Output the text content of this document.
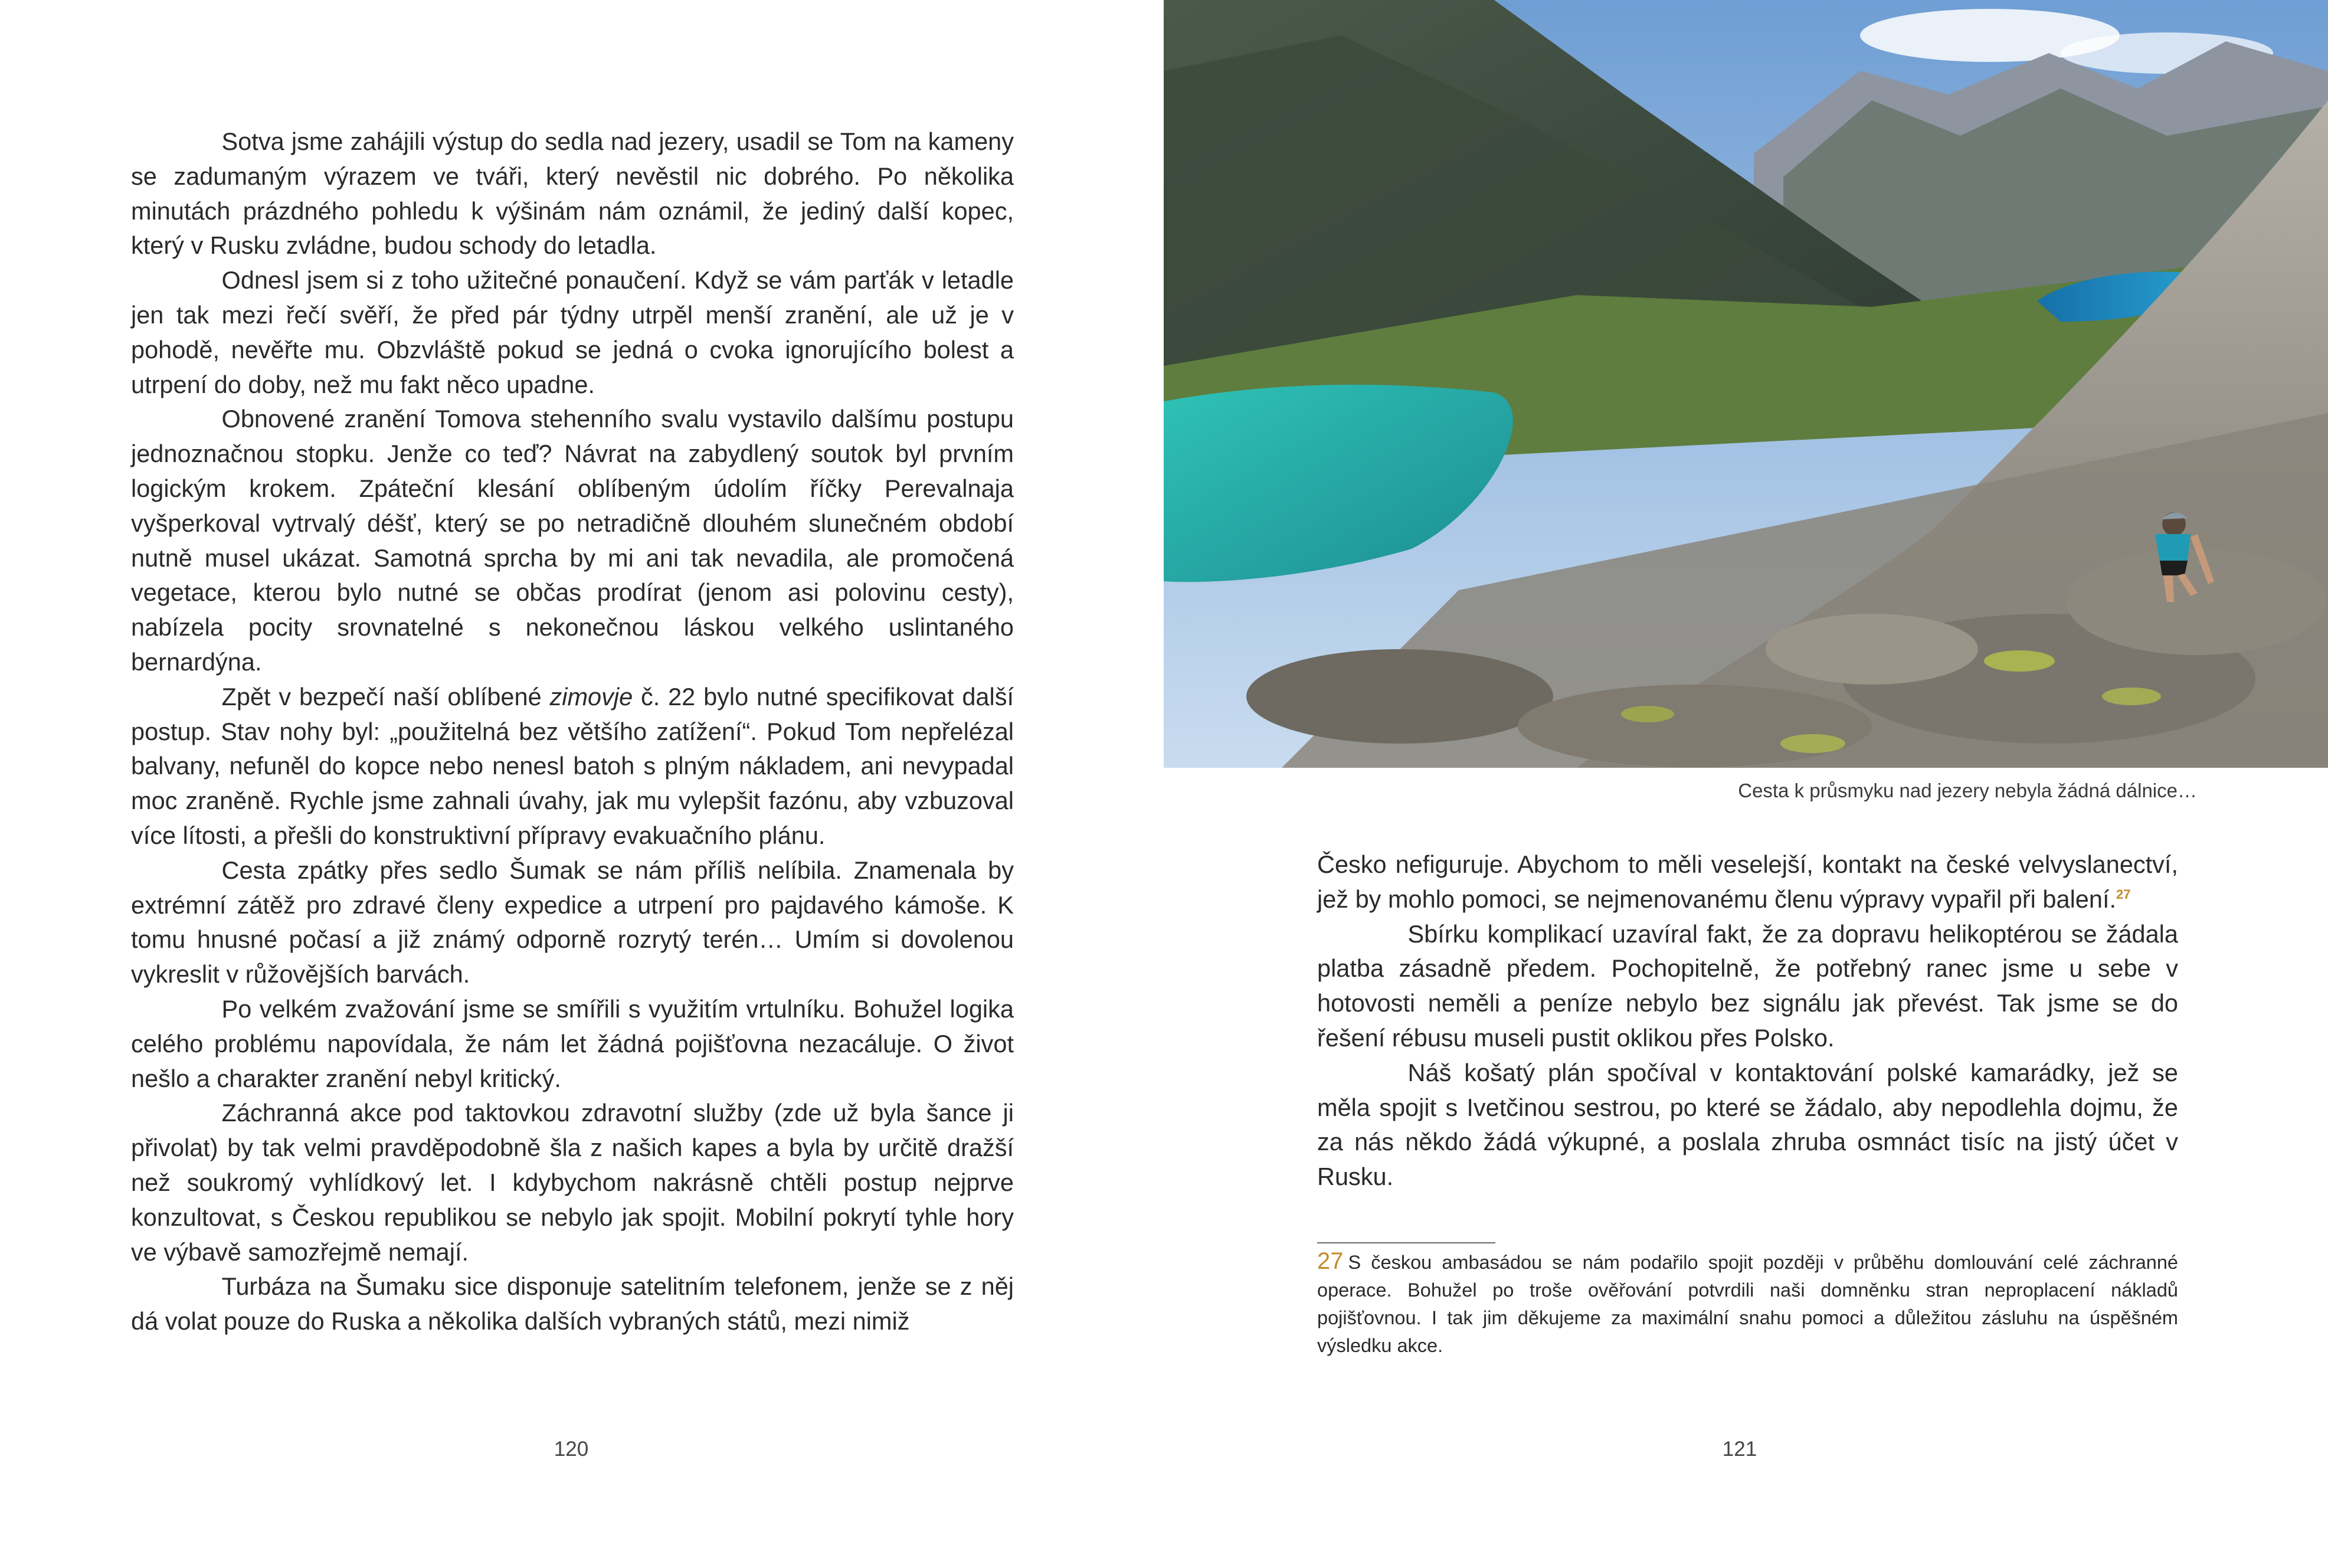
Sotva jsme zahájili výstup do sedla nad jezery, usadil se Tom na kameny se zadumaným výrazem ve tváři, který nevěstil nic dobrého. Po několika minutách prázdného pohledu k výšinám nám oznámil, že jediný další kopec, který v Rusku zvládne, budou schody do letadla.

Odnesl jsem si z toho užitečné ponaučení. Když se vám parťák v letadle jen tak mezi řečí svěří, že před pár týdny utrpěl menší zranění, ale už je v pohodě, nevěřte mu. Obzvláště pokud se jedná o cvoka ignorujícího bolest a utrpení do doby, než mu fakt něco upadne.

Obnovené zranění Tomova stehenního svalu vystavilo dalšímu postupu jednoznačnou stopku. Jenže co teď? Návrat na zabydlený soutok byl prvním logickým krokem. Zpáteční klesání oblíbeným údolím říčky Perevalnaja vyšperkoval vytrvalý déšť, který se po netradičně dlouhém slunečném období nutně musel ukázat. Samotná sprcha by mi ani tak nevadila, ale promočená vegetace, kterou bylo nutné se občas prodírat (jenom asi polovinu cesty), nabízela pocity srovnatelné s nekonečnou láskou velkého uslintaného bernardýna.

Zpět v bezpečí naší oblíbené zimovje č. 22 bylo nutné specifikovat další postup. Stav nohy byl: „použitelná bez většího zatížení“. Pokud Tom nepřelézal balvany, nefuněl do kopce nebo nenesl batoh s plným nákladem, ani nevypadal moc zraněně. Rychle jsme zahnali úvahy, jak mu vylepšit fazónu, aby vzbuzoval více lítosti, a přešli do konstruktivní přípravy evakuačního plánu.

Cesta zpátky přes sedlo Šumak se nám příliš nelíbila. Znamenala by extrémní zátěž pro zdravé členy expedice a utrpení pro pajdavého kámoše. K tomu hnusné počasí a již známý odporně rozrytý terén… Umím si dovolenou vykreslit v růžovějších barvách.

Po velkém zvažování jsme se smířili s využitím vrtulníku. Bohužel logika celého problému napovídala, že nám let žádná pojišťovna nezacáluje. O život nešlo a charakter zranění nebyl kritický.

Záchranná akce pod taktovkou zdravotní služby (zde už byla šance ji přivolat) by tak velmi pravděpodobně šla z našich kapes a byla by určitě dražší než soukromý vyhlídkový let. I kdybychom nakrásně chtěli postup nejprve konzultovat, s Českou republikou se nebylo jak spojit. Mobilní pokrytí tyhle hory ve výbavě samozřejmě nemají.

Turbáza na Šumaku sice disponuje satelitním telefonem, jenže se z něj dá volat pouze do Ruska a několika dalších vybraných států, mezi nimiž

120
Cesta k průsmyku nad jezery nebyla žádná dálnice…

Česko nefiguruje. Abychom to měli veselejší, kontakt na české velvyslanectví, jež by mohlo pomoci, se nejmenovanému členu výpravy vypařil při balení.$^{27}$

Sbírku komplikací uzavíral fakt, že za dopravu helikoptérou se žádala platba zásadně předem. Pochopitelně, že potřebný ranec jsme u sebe v hotovosti neměli a peníze nebylo bez signálu jak převést. Tak jsme se do řešení rébusu museli pustit oklikou přes Polsko.

Náš košatý plán spočíval v kontaktování polské kamarádky, jež se měla spojit s Ivetčinou sestrou, po které se žádalo, aby nepodlehla dojmu, že za nás někdo žádá výkupné, a poslala zhruba osmnáct tisíc na jistý účet v Rusku.

27 S českou ambasádou se nám podařilo spojit později v průběhu domlouvání celé záchranné operace. Bohužel po troše ověřování potvrdili naši domněnku stran neproplacení nákladů pojišťovnou. I tak jim děkujeme za maximální snahu pomoci a důležitou zásluhu na úspěšném výsledku akce.
121
